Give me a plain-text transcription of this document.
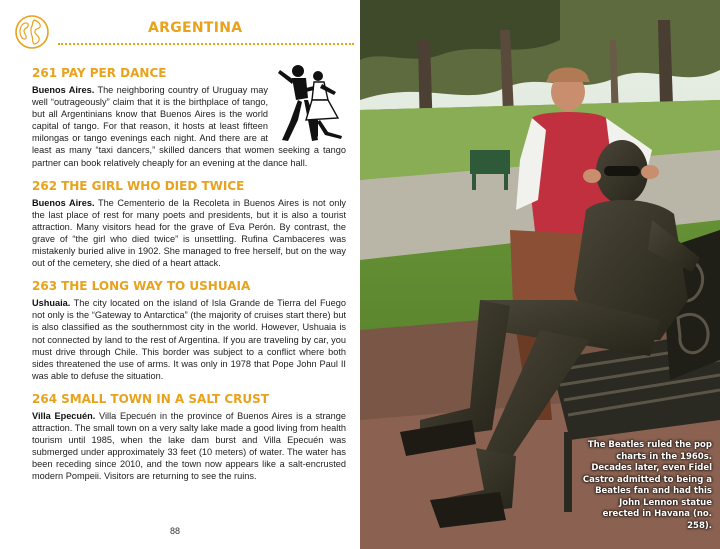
ARGENTINA
261 PAY PER DANCE

Buenos Aires. The neighboring country of Uruguay may well “outrageously” claim that it is the birthplace of tango, but all Argentinians know that Buenos Aires is the world capital of tango. For that reason, it hosts at least fifteen milongas or tango evenings each night. And there are at least as many “taxi dancers,” skilled dancers that women seeking a tango partner can book relatively cheaply for an evening at the dance hall.

262 THE GIRL WHO DIED TWICE

Buenos Aires. The Cementerio de la Recoleta in Buenos Aires is not only the last place of rest for many poets and presidents, but it is also a tourist attraction. Many visitors head for the grave of Eva Perón. By contrast, the grave of “the girl who died twice” is unsettling. Rufina Cambaceres was mistakenly buried alive in 1902. She managed to free herself, but on the way out of the cemetery, she died of a heart attack.

263 THE LONG WAY TO USHUAIA

Ushuaia. The city located on the island of Isla Grande de Tierra del Fuego not only is the “Gateway to Antarctica” (the majority of cruises start there) but is also classified as the southernmost city in the world. However, Ushuaia is not connected by land to the rest of Argentina. If you are traveling by car, you must drive through Chile. This border was subject to a conflict where both sides threatened the use of arms. It was only in 1978 that Pope John Paul II was able to defuse the situation.

264 SMALL TOWN IN A SALT CRUST

Villa Epecuén. Villa Epecuén in the province of Buenos Aires is a strange attraction. The small town on a very salty lake made a good living from health tourism until 1985, when the lake dam burst and Villa Epecuén was submerged under approximately 33 feet (10 meters) of water. The water has been receding since 2010, and the town now appears like a salt-encrusted modern Pompeii. Visitors are returning to see the ruins.

88
The Beatles ruled the pop charts in the 1960s. Decades later, even Fidel Castro admitted to being a Beatles fan and had this John Lennon statue erected in Havana (no. 258).
